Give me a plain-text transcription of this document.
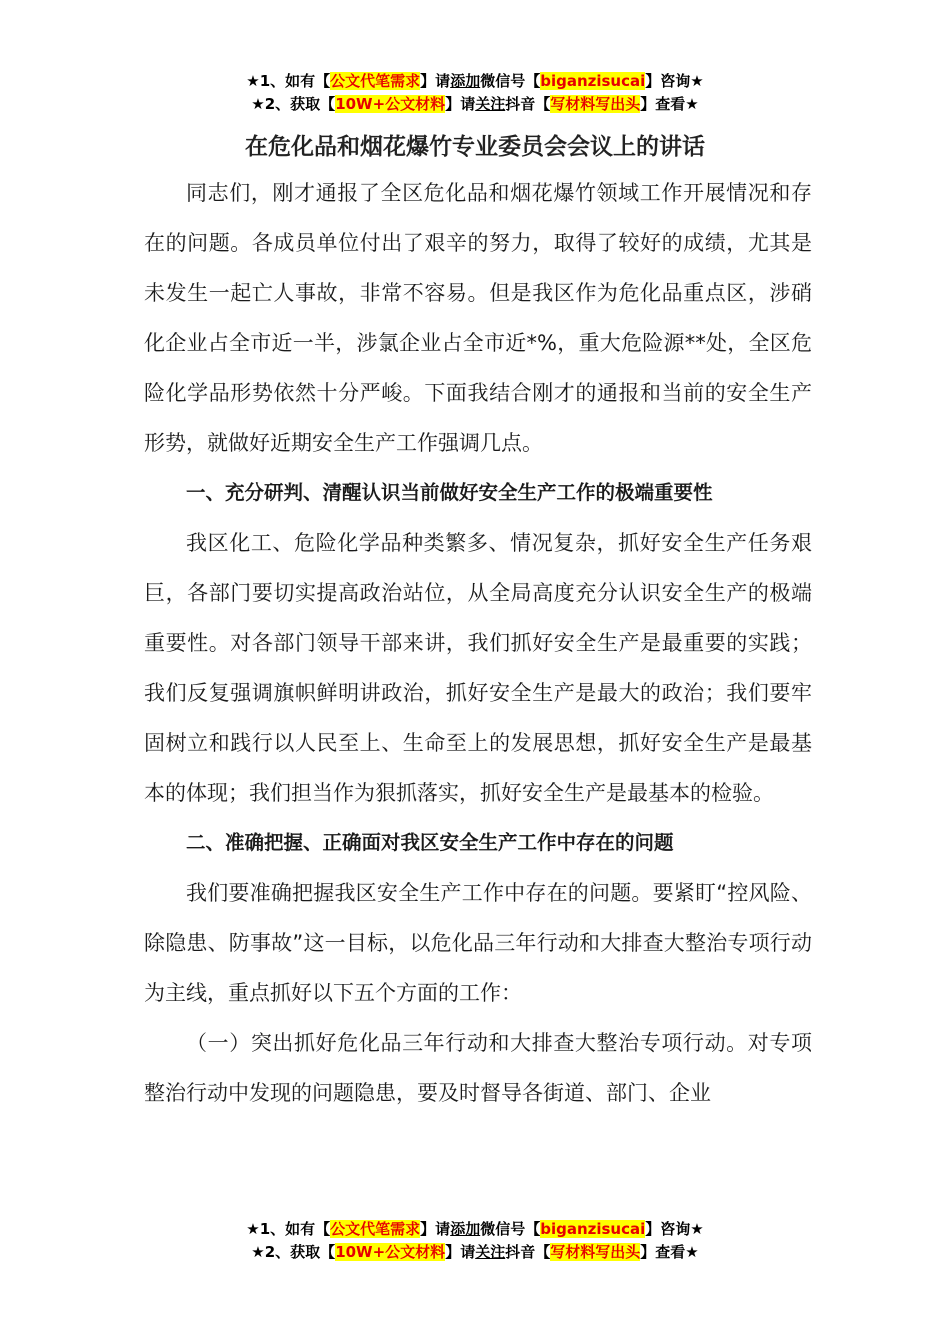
★1、如有【公文代笔需求】请添加微信号【biganzisucai】咨询★
★2、获取【10W+公文材料】请关注抖音【写材料写出头】查看★
在危化品和烟花爆竹专业委员会会议上的讲话

同志们，刚才通报了全区危化品和烟花爆竹领域工作开展情况和存在的问题。各成员单位付出了艰辛的努力，取得了较好的成绩，尤其是未发生一起亡人事故，非常不容易。但是我区作为危化品重点区，涉硝化企业占全市近一半，涉氯企业占全市近*%，重大危险源**处，全区危险化学品形势依然十分严峻。下面我结合刚才的通报和当前的安全生产形势，就做好近期安全生产工作强调几点。

一、充分研判、清醒认识当前做好安全生产工作的极端重要性

我区化工、危险化学品种类繁多、情况复杂，抓好安全生产任务艰巨，各部门要切实提高政治站位，从全局高度充分认识安全生产的极端重要性。对各部门领导干部来讲，我们抓好安全生产是最重要的实践；我们反复强调旗帜鲜明讲政治，抓好安全生产是最大的政治；我们要牢固树立和践行以人民至上、生命至上的发展思想，抓好安全生产是最基本的体现；我们担当作为狠抓落实，抓好安全生产是最基本的检验。

二、准确把握、正确面对我区安全生产工作中存在的问题

我们要准确把握我区安全生产工作中存在的问题。要紧盯“控风险、除隐患、防事故”这一目标，以危化品三年行动和大排查大整治专项行动为主线，重点抓好以下五个方面的工作：

（一）突出抓好危化品三年行动和大排查大整治专项行动。对专项整治行动中发现的问题隐患，要及时督导各街道、部门、企业

★1、如有【公文代笔需求】请添加微信号【biganzisucai】咨询★
★2、获取【10W+公文材料】请关注抖音【写材料写出头】查看★
